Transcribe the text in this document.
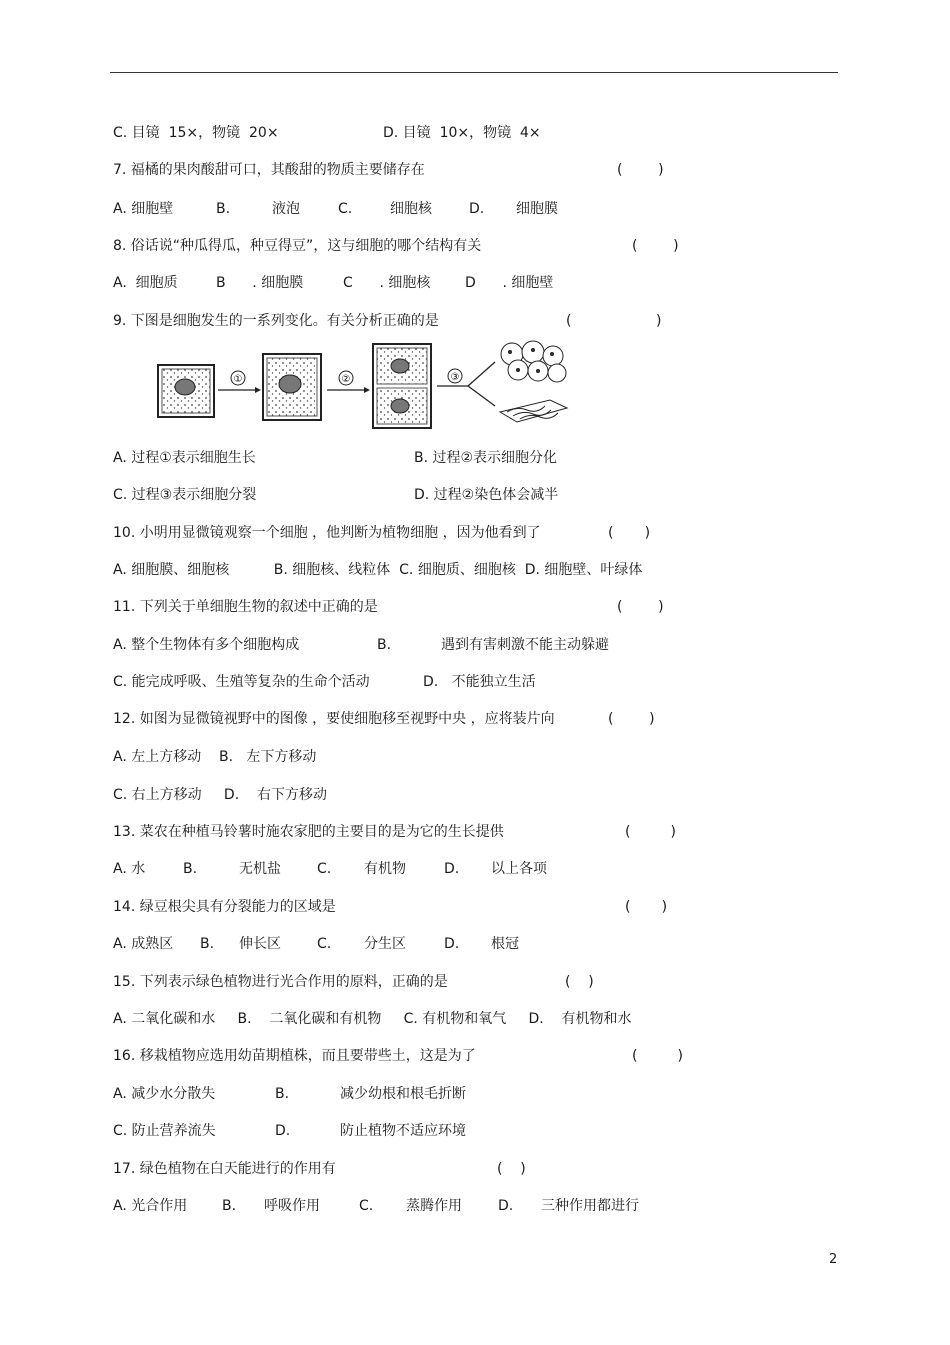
C. 目镜  15×，物镜  20×	D. 目镜  10×，物镜  4×
7. 福橘的果肉酸甜可口，其酸甜的物质主要储存在	(        )
A. 细胞壁	B.	液泡	C.	细胞核	D. 细胞膜
8. 俗话说“种瓜得瓜，种豆得豆”，这与细胞的哪个结构有关	(        )
A.  细胞质	B      . 细胞膜	C      . 细胞核 D      . 细胞壁
9. 下图是细胞发生的一系列变化。有关分析正确的是	(                   )
①	②	③
A. 过程①表示细胞生长	B. 过程②表示细胞分化
C. 过程③表示细胞分裂	D. 过程②染色体会减半
10. 小明用显微镜观察一个细胞 ，他判断为植物细胞 ，因为他看到了	(       )
A. 细胞膜、细胞核          B. 细胞核、线粒体  C. 细胞质、细胞核  D. 细胞壁、叶绿体
11. 下列关于单细胞生物的叙述中正确的是	(        )
A. 整个生物体有多个细胞构成	B.	遇到有害刺激不能主动躲避
C. 能完成呼吸、生殖等复杂的生命个活动	D.   不能独立生活
12. 如图为显微镜视野中的图像 ，要使细胞移至视野中央 ，应将装片向	(        )
A. 左上方移动    B.   左下方移动
C. 右上方移动     D.    右下方移动
13. 菜农在种植马铃薯时施农家肥的主要目的是为它的生长提供	(         )
A. 水	B.	无机盐	C. 有机物	D. 以上各项
14. 绿豆根尖具有分裂能力的区域是	(       )
A. 成熟区 B. 伸长区	C. 分生区	D. 根冠
15. 下列表示绿色植物进行光合作用的原料，正确的是	(    )
A. 二氧化碳和水     B.    二氧化碳和有机物     C. 有机物和氧气     D.    有机物和水
16. 移栽植物应选用幼苗期植株，而且要带些土，这是为了	(         )
A. 减少水分散失	B.	减少幼根和根毛折断
C. 防止营养流失	D.	防止植物不适应环境
17. 绿色植物在白天能进行的作用有	(    )
A. 光合作用 B. 呼吸作用	C. 蒸腾作用	D. 三种作用都进行
2
